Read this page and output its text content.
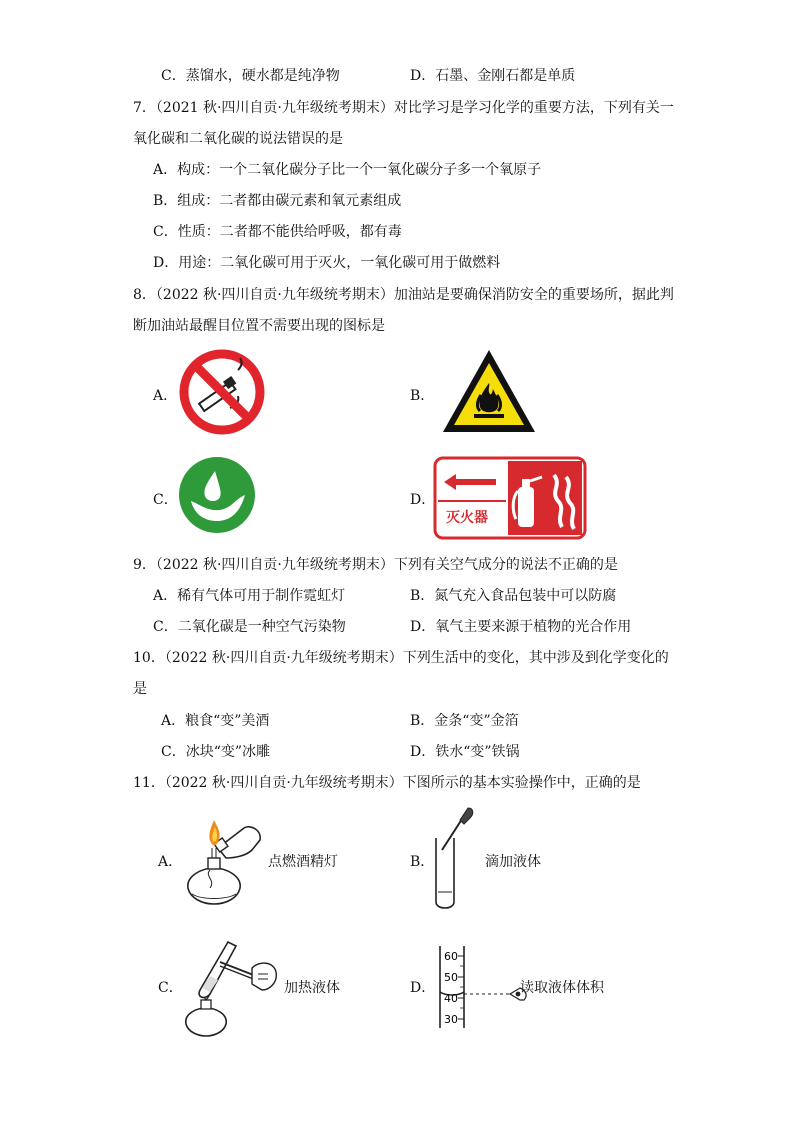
C．蒸馏水，硬水都是纯净物	D．石墨、金刚石都是单质
7．（2021 秋·四川自贡·九年级统考期末）对比学习是学习化学的重要方法，下列有关一
氧化碳和二氧化碳的说法错误的是
A．构成：一个二氧化碳分子比一个一氧化碳分子多一个氧原子
B．组成：二者都由碳元素和氧元素组成
C．性质：二者都不能供给呼吸，都有毒
D．用途：二氧化碳可用于灭火，一氧化碳可用于做燃料
8．（2022 秋·四川自贡·九年级统考期末）加油站是要确保消防安全的重要场所，据此判
断加油站最醒目位置不需要出现的图标是
A．	B．
C．	D．
灭火器
9．（2022 秋·四川自贡·九年级统考期末）下列有关空气成分的说法不正确的是
A．稀有气体可用于制作霓虹灯	B．氮气充入食品包装中可以防腐
C．二氧化碳是一种空气污染物	D．氧气主要来源于植物的光合作用
10．（2022 秋·四川自贡·九年级统考期末）下列生活中的变化，其中涉及到化学变化的
是
A．粮食“变”美酒	B．金条“变”金箔
C．冰块“变”冰雕	D．铁水“变”铁锅
11．（2022 秋·四川自贡·九年级统考期末）下图所示的基本实验操作中，正确的是
A．	点燃酒精灯	B．	滴加液体
C．	加热液体	D．
60
50
40
30
读取液体体积
